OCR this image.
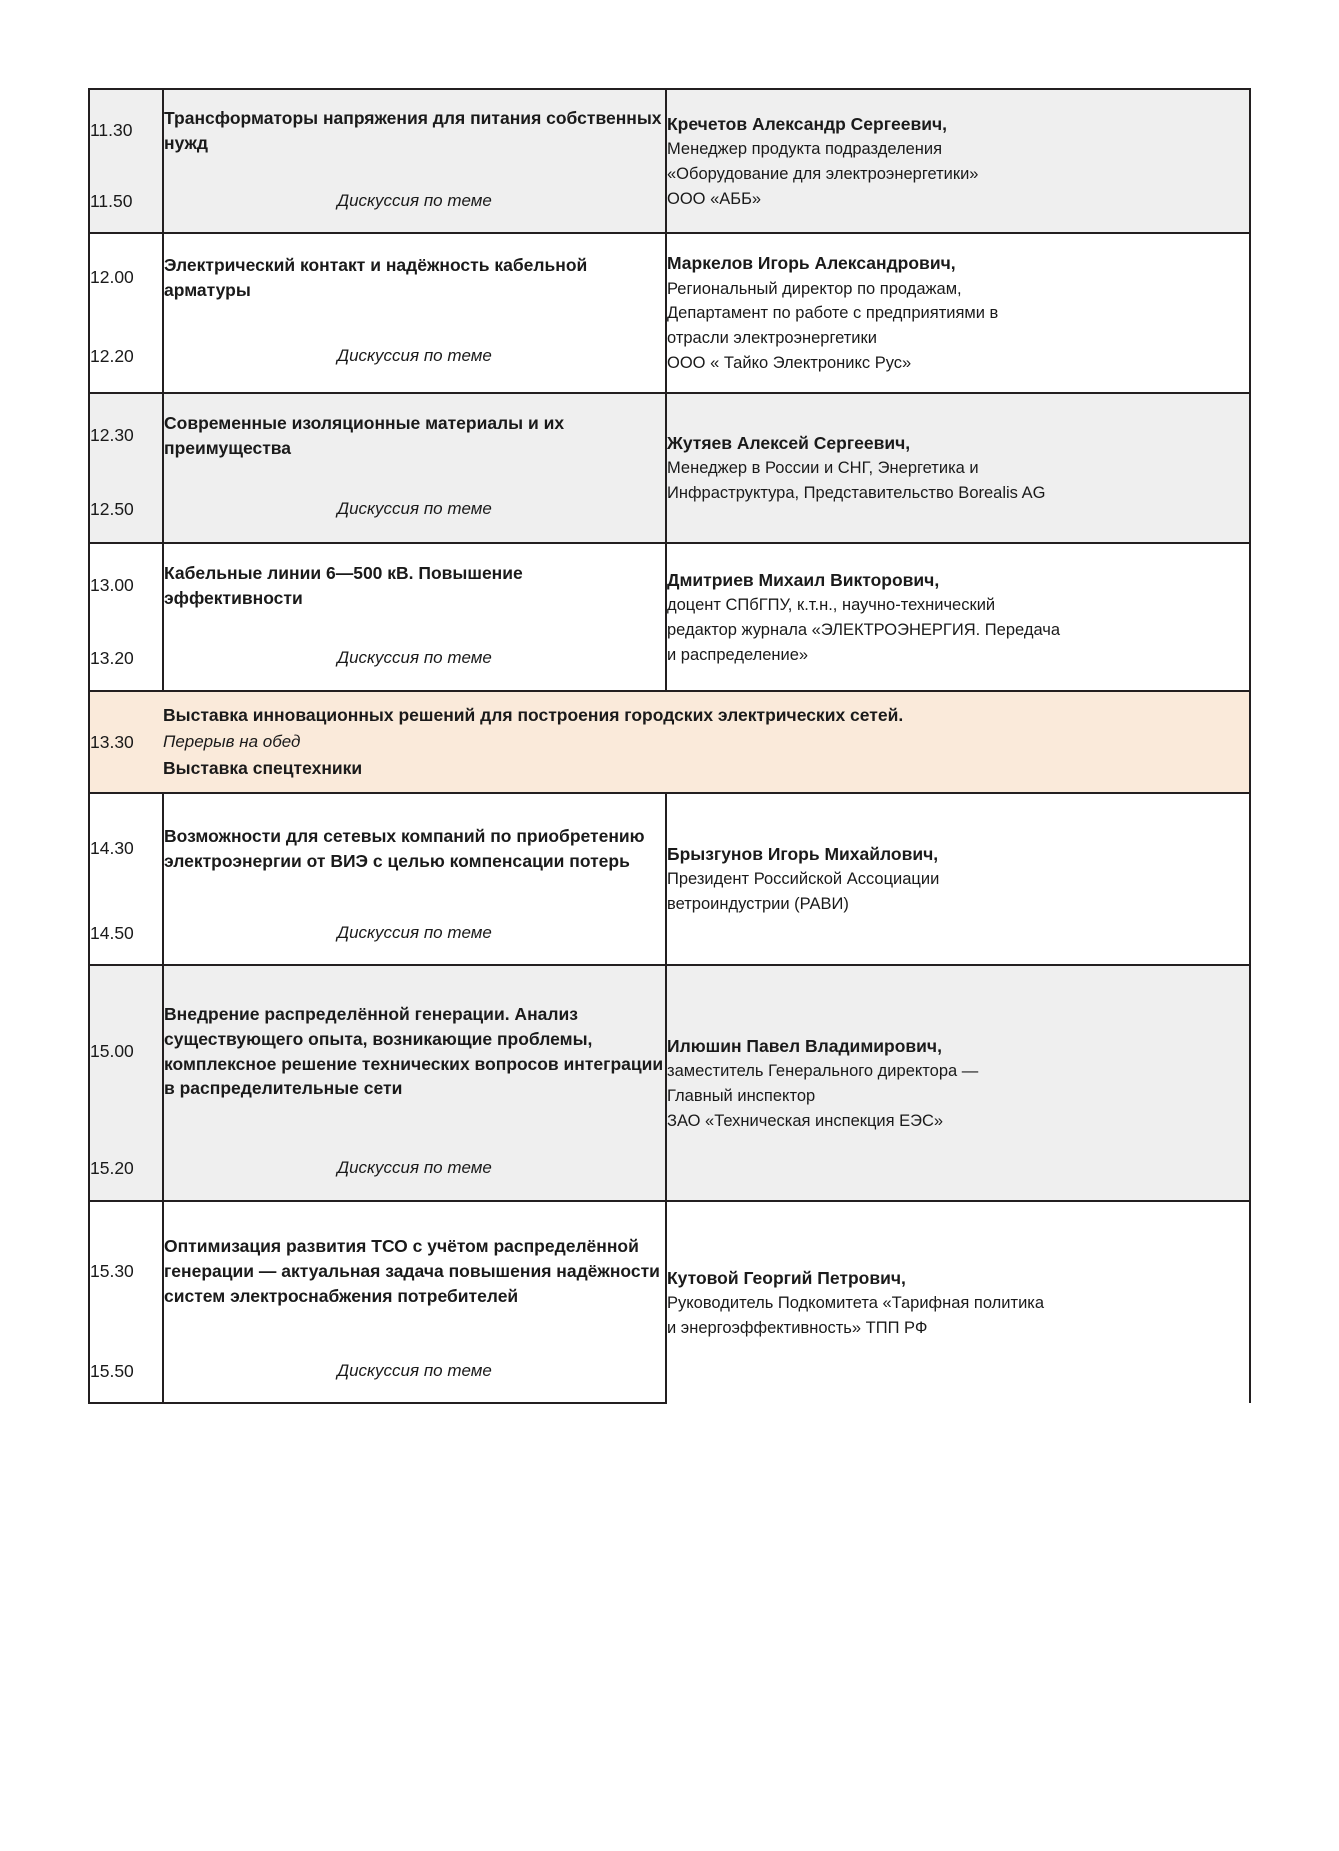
11.30	Трансформаторы напряжения для питания собственных нужд	Кречетов Александр Сергеевич,
Менеджер продукта подразделения
«Оборудование для электроэнергетики»
ООО «АББ»

11.50	Дискуссия по теме	
12.00	Электрический контакт и надёжность кабельной арматуры	Маркелов Игорь Александрович,
Региональный директор по продажам,
Департамент по работе с предприятиями в
отрасли электроэнергетики
ООО « Тайко Электроникс Рус»

12.20	Дискуссия по теме	
12.30	Современные изоляционные материалы и их преимущества	Жутяев Алексей Сергеевич,
Менеджер в России и СНГ, Энергетика и
Инфраструктура, Представительство Borealis AG

12.50	Дискуссия по теме	
13.00	Кабельные линии 6—500 кВ. Повышение эффективности	Дмитриев Михаил Викторович,
доцент СПбГПУ, к.т.н., научно-технический
редактор журнала «ЭЛЕКТРОЭНЕРГИЯ. Передача
и распределение»

13.20	Дискуссия по теме	
13.30	Выставка инновационных решений для построения городских электрических сетей.
Перерыв на обед
Выставка спецтехники	

14.30	Возможности для сетевых компаний по приобретению электроэнергии от ВИЭ с целью компенсации потерь	Брызгунов Игорь Михайлович,
Президент Российской Ассоциации
ветроиндустрии (РАВИ)

14.50	Дискуссия по теме	
15.00	Внедрение распределённой генерации. Анализ существующего опыта, возникающие проблемы, комплексное решение технических вопросов интеграции в распределительные сети	Илюшин Павел Владимирович,
заместитель Генерального директора —
Главный инспектор
ЗАО «Техническая инспекция ЕЭС»

15.20	Дискуссия по теме	
15.30	Оптимизация развития ТСО с учётом распределённой генерации — актуальная задача повышения надёжности систем электроснабжения потребителей	Кутовой Георгий Петрович,
Руководитель Подкомитета «Тарифная политика
и энергоэффективность» ТПП РФ

15.50	Дискуссия по теме	
